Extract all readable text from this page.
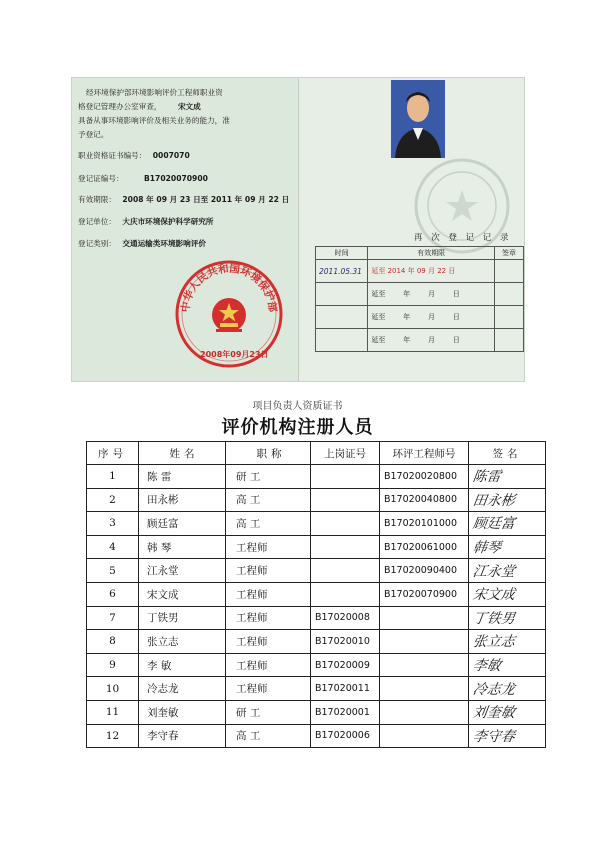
经环境保护部环境影响评价工程师职业资
格登记管理办公室审查， 宋文成
具备从事环境影响评价及相关业务的能力，准
予登记。
职业资格证书编号： 0007070
登记证编号：	B17020070900
有效期限： 2008 年 09 月 23 日至 2011 年 09 月 22 日
登记单位： 大庆市环境保护科学研究所
登记类别： 交通运输类环境影响评价
中华人民共和国环境保护部
2008年09月23日
再 次 登 记 记 录
时间	有效期限	签章
2011.05.31	延至 2014 年 09 月 22 日	
	延至        年        月        日	
	延至        年        月        日	
	延至        年        月        日	
项目负责人资质证书
评价机构注册人员
序号	姓名	职称	上岗证号	环评工程师号	签名
1	陈 雷	研 工		B17020020800	陈雷
2	田永彬	高 工		B17020040800	田永彬
3	顾廷富	高 工		B17020101000	顾廷富
4	韩 琴	工程师		B17020061000	韩琴
5	江永堂	工程师		B17020090400	江永堂
6	宋文成	工程师		B17020070900	宋文成
7	丁铁男	工程师	B17020008		丁铁男
8	张立志	工程师	B17020010		张立志
9	李 敏	工程师	B17020009		李敏
10	冷志龙	工程师	B17020011		冷志龙
11	刘奎敏	研 工	B17020001		刘奎敏
12	李守春	高 工	B17020006		李守春
